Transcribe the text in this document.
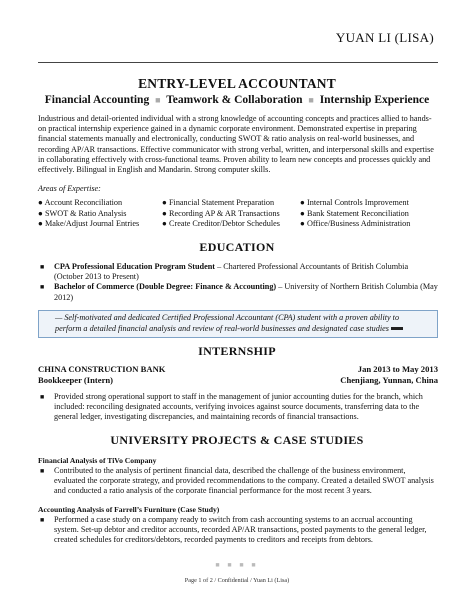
YUAN LI (LISA)
ENTRY-LEVEL ACCOUNTANT
Financial Accounting ■ Teamwork & Collaboration ■ Internship Experience
Industrious and detail-oriented individual with a strong knowledge of accounting concepts and practices allied to hands-on practical internship experience gained in a dynamic corporate environment. Demonstrated expertise in preparing financial statements manually and electronically, conducting SWOT & ratio analysis on real-world businesses, and recording AP/AR transactions. Effective communicator with strong verbal, written, and interpersonal skills and expertise in collaborating effectively with cross-functional teams. Proven ability to learn new concepts and processes quickly and effectively. Bilingual in English and Mandarin. Strong computer skills.
Areas of Expertise:
● Account Reconciliation
● SWOT & Ratio Analysis
● Make/Adjust Journal Entries
● Financial Statement Preparation
● Recording AP & AR Transactions
● Create Creditor/Debtor Schedules
● Internal Controls Improvement
● Bank Statement Reconciliation
● Office/Business Administration
EDUCATION
■ CPA Professional Education Program Student – Chartered Professional Accountants of British Columbia (October 2013 to Present)
■ Bachelor of Commerce (Double Degree: Finance & Accounting) – University of Northern British Columbia (May 2012)
— Self-motivated and dedicated Certified Professional Accountant (CPA) student with a proven ability to perform a detailed financial analysis and review of real-world businesses and designated case studies
INTERNSHIP
CHINA CONSTRUCTION BANK	Jan 2013 to May 2013
Bookkeeper (Intern)	Chenjiang, Yunnan, China
■ Provided strong operational support to staff in the management of junior accounting duties for the branch, which included: reconciling designated accounts, verifying invoices against source documents, transferring data to the general ledger, investigating discrepancies, and maintaining records of financial transactions.
UNIVERSITY PROJECTS & CASE STUDIES
Financial Analysis of TiVo Company
■ Contributed to the analysis of pertinent financial data, described the challenge of the business environment, evaluated the corporate strategy, and provided recommendations to the company. Created a detailed SWOT analysis and conducted a ratio analysis of the corporate financial performance for the most recent 3 years.
Accounting Analysis of Farrell’s Furniture (Case Study)
■ Performed a case study on a company ready to switch from cash accounting systems to an accrual accounting system. Set-up debtor and creditor accounts, recorded AP/AR transactions, posted payments to the general ledger, created schedules for creditors/debtors, recorded payments to creditors and receipts from debtors.
■ ■ ■ ■
Page 1 of 2 / Confidential / Yuan Li (Lisa)
